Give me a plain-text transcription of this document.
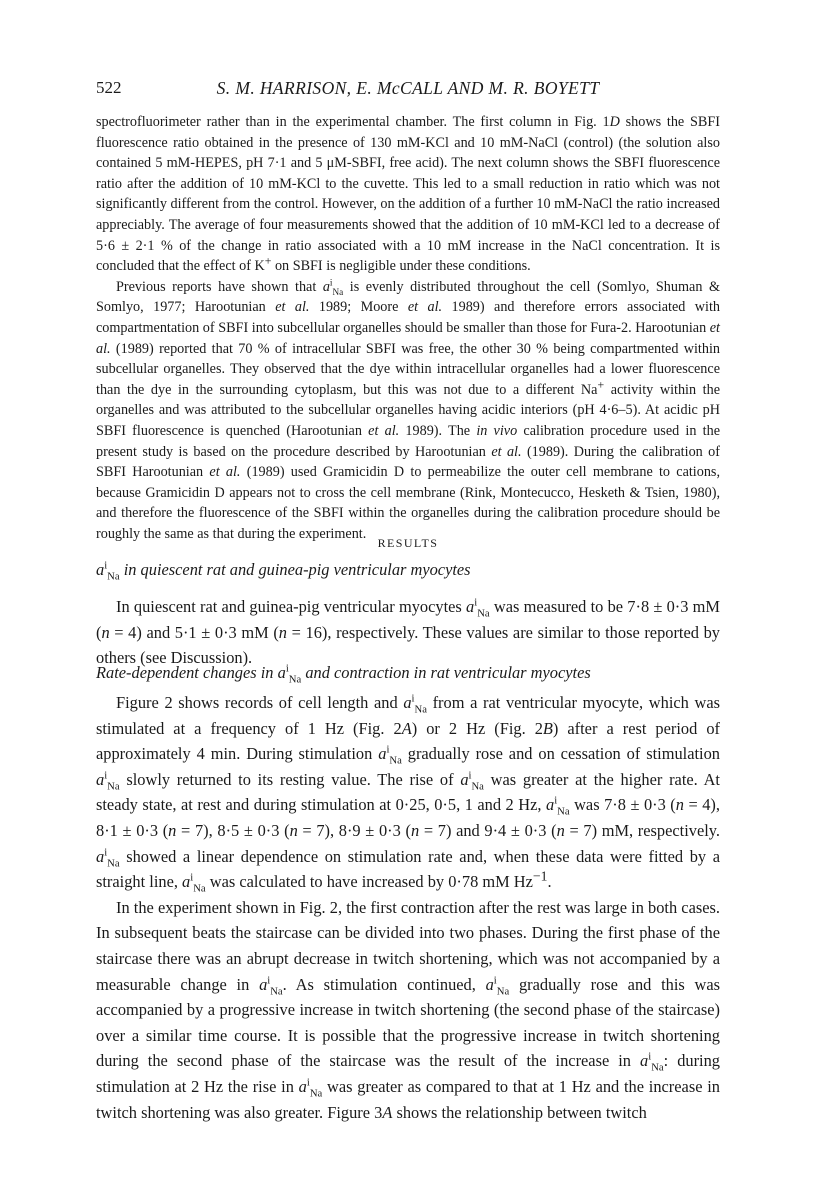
522	S. M. HARRISON, E. McCALL AND M. R. BOYETT

spectrofluorimeter rather than in the experimental chamber. The first column in Fig. 1D shows the SBFI fluorescence ratio obtained in the presence of 130 mM-KCl and 10 mM-NaCl (control) (the solution also contained 5 mM-HEPES, pH 7·1 and 5 μM-SBFI, free acid). The next column shows the SBFI fluorescence ratio after the addition of 10 mM-KCl to the cuvette. This led to a small reduction in ratio which was not significantly different from the control. However, on the addition of a further 10 mM-NaCl the ratio increased appreciably. The average of four measurements showed that the addition of 10 mM-KCl led to a decrease of 5·6 ± 2·1 % of the change in ratio associated with a 10 mM increase in the NaCl concentration. It is concluded that the effect of K+ on SBFI is negligible under these conditions.

Previous reports have shown that $a^i_{Na}$ is evenly distributed throughout the cell (Somlyo, Shuman & Somlyo, 1977; Harootunian et al. 1989; Moore et al. 1989) and therefore errors associated with compartmentation of SBFI into subcellular organelles should be smaller than those for Fura-2. Harootunian et al. (1989) reported that 70 % of intracellular SBFI was free, the other 30 % being compartmented within subcellular organelles. They observed that the dye within intracellular organelles had a lower fluorescence than the dye in the surrounding cytoplasm, but this was not due to a different Na+ activity within the organelles and was attributed to the subcellular organelles having acidic interiors (pH 4·6–5). At acidic pH SBFI fluorescence is quenched (Harootunian et al. 1989). The in vivo calibration procedure used in the present study is based on the procedure described by Harootunian et al. (1989). During the calibration of SBFI Harootunian et al. (1989) used Gramicidin D to permeabilize the outer cell membrane to cations, because Gramicidin D appears not to cross the cell membrane (Rink, Montecucco, Hesketh & Tsien, 1980), and therefore the fluorescence of the SBFI within the organelles during the calibration procedure should be roughly the same as that during the experiment.

RESULTS
$a^i_{Na}$ in quiescent rat and guinea-pig ventricular myocytes

In quiescent rat and guinea-pig ventricular myocytes $a^i_{Na}$ was measured to be 7·8 ± 0·3 mM (n = 4) and 5·1 ± 0·3 mM (n = 16), respectively. These values are similar to those reported by others (see Discussion).

Rate-dependent changes in $a^i_{Na}$ and contraction in rat ventricular myocytes

Figure 2 shows records of cell length and $a^i_{Na}$ from a rat ventricular myocyte, which was stimulated at a frequency of 1 Hz (Fig. 2A) or 2 Hz (Fig. 2B) after a rest period of approximately 4 min. During stimulation $a^i_{Na}$ gradually rose and on cessation of stimulation $a^i_{Na}$ slowly returned to its resting value. The rise of $a^i_{Na}$ was greater at the higher rate. At steady state, at rest and during stimulation at 0·25, 0·5, 1 and 2 Hz, $a^i_{Na}$ was 7·8 ± 0·3 (n = 4), 8·1 ± 0·3 (n = 7), 8·5 ± 0·3 (n = 7), 8·9 ± 0·3 (n = 7) and 9·4 ± 0·3 (n = 7) mM, respectively. $a^i_{Na}$ showed a linear dependence on stimulation rate and, when these data were fitted by a straight line, $a^i_{Na}$ was calculated to have increased by 0·78 mM $Hz^{-1}$.

In the experiment shown in Fig. 2, the first contraction after the rest was large in both cases. In subsequent beats the staircase can be divided into two phases. During the first phase of the staircase there was an abrupt decrease in twitch shortening, which was not accompanied by a measurable change in $a^i_{Na}$. As stimulation continued, $a^i_{Na}$ gradually rose and this was accompanied by a progressive increase in twitch shortening (the second phase of the staircase) over a similar time course. It is possible that the progressive increase in twitch shortening during the second phase of the staircase was the result of the increase in $a^i_{Na}$: during stimulation at 2 Hz the rise in $a^i_{Na}$ was greater as compared to that at 1 Hz and the increase in twitch shortening was also greater. Figure 3A shows the relationship between twitch
